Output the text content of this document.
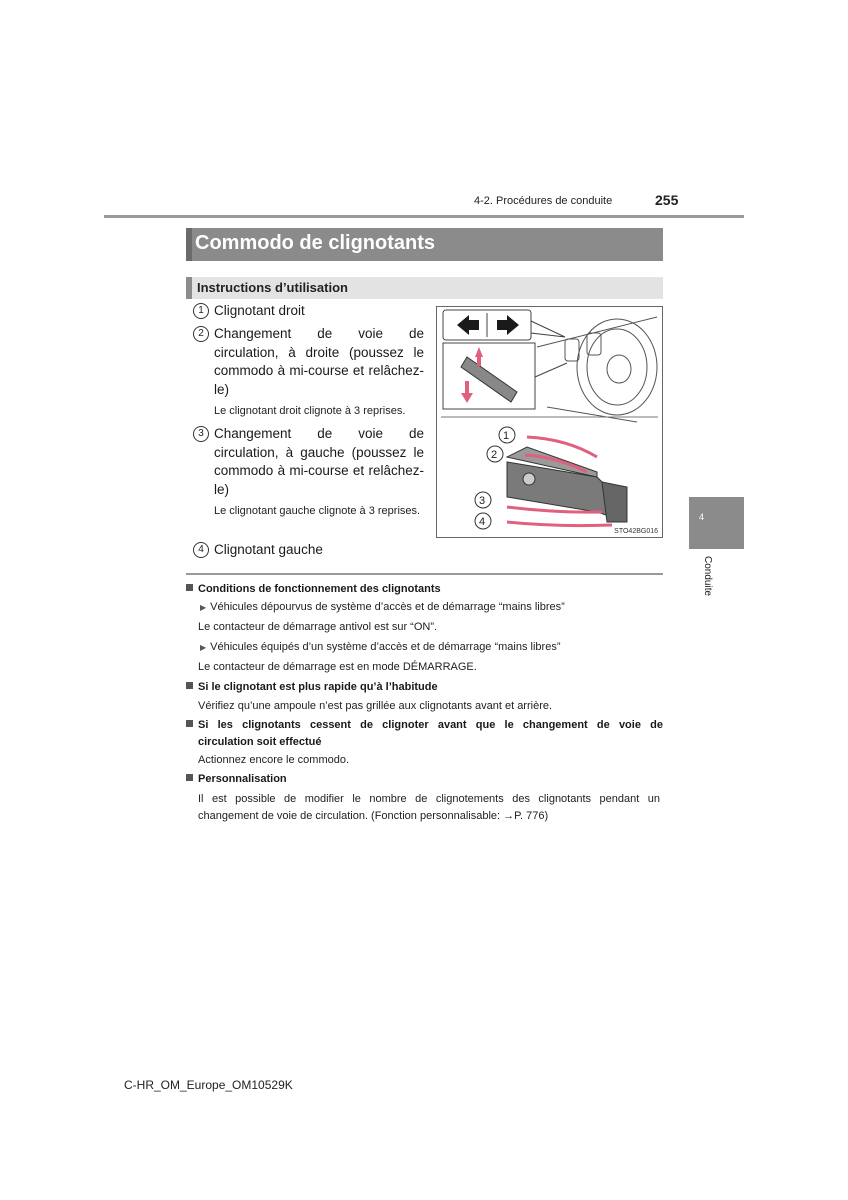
4-2. Procédures de conduite	255
Commodo de clignotants
Instructions d’utilisation
1 Clignotant droit
2 Changement de voie de circulation, à droite (poussez le commodo à mi-course et relâchez-le)
Le clignotant droit clignote à 3 reprises.
3 Changement de voie de circulation, à gauche (poussez le commodo à mi-course et relâchez-le)
Le clignotant gauche clignote à 3 reprises.
4 Clignotant gauche
1
2
3
4
STO42BG016
Conditions de fonctionnement des clignotants
▶ Véhicules dépourvus de système d’accès et de démarrage “mains libres”
Le contacteur de démarrage antivol est sur “ON”.
▶ Véhicules équipés d’un système d’accès et de démarrage “mains libres”
Le contacteur de démarrage est en mode DÉMARRAGE.
Si le clignotant est plus rapide qu’à l’habitude
Vérifiez qu’une ampoule n’est pas grillée aux clignotants avant et arrière.
Si les clignotants cessent de clignoter avant que le changement de voie de
circulation soit effectué
Actionnez encore le commodo.
Personnalisation
Il est possible de modifier le nombre de clignotements des clignotants pendant un
changement de voie de circulation. (Fonction personnalisable: →P. 776)
4
Conduite
C-HR_OM_Europe_OM10529K
